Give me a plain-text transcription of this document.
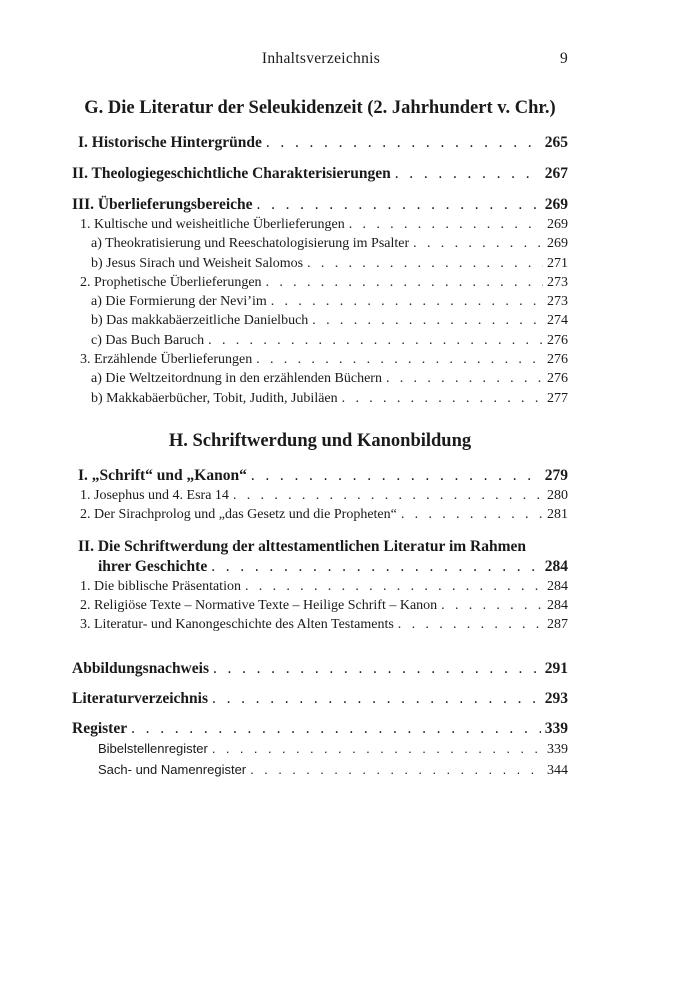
Inhaltsverzeichnis	9
G. Die Literatur der Seleukidenzeit (2. Jahrhundert v. Chr.)
I. Historische Hintergründe . . .	265
II. Theologiegeschichtliche Charakterisierungen . . .	267
III. Überlieferungsbereiche . . .	269
1. Kultische und weisheitliche Überlieferungen . . .	269
a) Theokratisierung und Reeschatologisierung im Psalter . . .	269
b) Jesus Sirach und Weisheit Salomos . . .	271
2. Prophetische Überlieferungen . . .	273
a) Die Formierung der Nevi’im . . .	273
b) Das makkabäerzeitliche Danielbuch . . .	274
c) Das Buch Baruch . . .	276
3. Erzählende Überlieferungen . . .	276
a) Die Weltzeitordnung in den erzählenden Büchern . . .	276
b) Makkabäerbücher, Tobit, Judith, Jubiläen . . .	277
H. Schriftwerdung und Kanonbildung
I. „Schrift“ und „Kanon“ . . .	279
1. Josephus und 4. Esra 14 . . .	280
2. Der Sirachprolog und „das Gesetz und die Propheten“ . . .	281
II. Die Schriftwerdung der alttestamentlichen Literatur im Rahmen
ihrer Geschichte . . .	284
1. Die biblische Präsentation . . .	284
2. Religiöse Texte – Normative Texte – Heilige Schrift – Kanon . . .	284
3. Literatur- und Kanongeschichte des Alten Testaments . . .	287
Abbildungsnachweis . . .	291
Literaturverzeichnis . . .	293
Register . . .	339
Bibelstellenregister . . .	339
Sach- und Namenregister . . .	344
